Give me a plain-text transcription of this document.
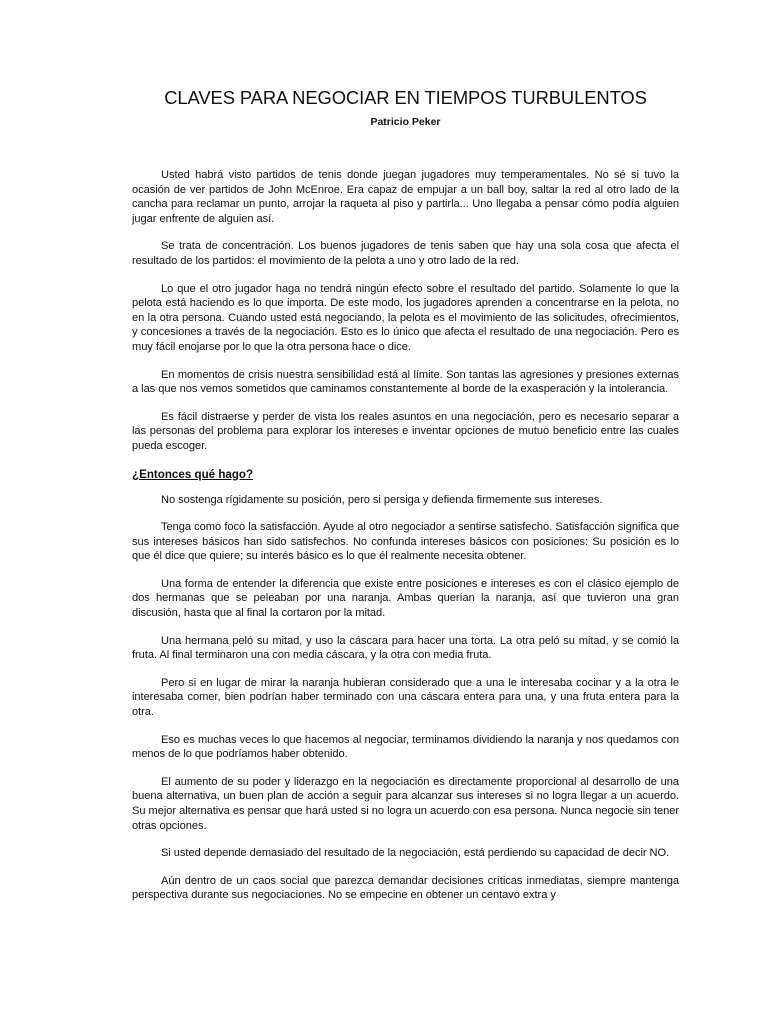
CLAVES PARA NEGOCIAR EN TIEMPOS TURBULENTOS
Patricio Peker

Usted habrá visto partidos de tenis donde juegan jugadores muy temperamentales. No sé si tuvo la ocasión de ver partidos de John McEnroe. Era capaz de empujar a un ball boy, saltar la red al otro lado de la cancha para reclamar un punto, arrojar la raqueta al piso y partirla... Uno llegaba a pensar cómo podía alguien jugar enfrente de alguien así.

Se trata de concentración. Los buenos jugadores de tenis saben que hay una sola cosa que afecta el resultado de los partidos: el movimiento de la pelota a uno y otro lado de la red.

Lo que el otro jugador haga no tendrá ningún efecto sobre el resultado del partido. Solamente lo que la pelota está haciendo es lo que importa. De este modo, los jugadores aprenden a concentrarse en la pelota, no en la otra persona. Cuando usted está negociando, la pelota es el movimiento de las solicitudes, ofrecimientos, y concesiones a través de la negociación. Esto es lo único que afecta el resultado de una negociación. Pero es muy fácil enojarse por lo que la otra persona hace o dice.

En momentos de crisis nuestra sensibilidad está al límite. Son tantas las agresiones y presiones externas a las que nos vemos sometidos que caminamos constantemente al borde de la exasperación y la intolerancia.

Es fácil distraerse y perder de vista los reales asuntos en una negociación, pero es necesario separar a las personas del problema para explorar los intereses e inventar opciones de mutuo beneficio entre las cuales pueda escoger.

¿Entonces qué hago?

No sostenga rígidamente su posición, pero si persiga y defienda firmemente sus intereses.

Tenga como foco la satisfacción. Ayude al otro negociador a sentirse satisfecho. Satisfacción significa que sus intereses básicos han sido satisfechos. No confunda intereses básicos con posiciones: Su posición es lo que él dice que quiere; su interés básico es lo que él realmente necesita obtener.

Una forma de entender la diferencia que existe entre posiciones e intereses es con el clásico ejemplo de dos hermanas que se peleaban por una naranja. Ambas querían la naranja, así que tuvieron una gran discusión, hasta que al final la cortaron por la mitad.

Una hermana peló su mitad, y uso la cáscara para hacer una torta. La otra peló su mitad, y se comió la fruta. Al final terminaron una con media cáscara, y la otra con media fruta.

Pero si en lugar de mirar la naranja hubieran considerado que a una le interesaba cocinar y a la otra le interesaba comer, bien podrían haber terminado con una cáscara entera para una, y una fruta entera para la otra.

Eso es muchas veces lo que hacemos al negociar, terminamos dividiendo la naranja y nos quedamos con menos de lo que podríamos haber obtenido.

El aumento de su poder y liderazgo en la negociación es directamente proporcional al desarrollo de una buena alternativa, un buen plan de acción a seguir para alcanzar sus intereses si no logra llegar a un acuerdo. Su mejor alternativa es pensar que hará usted si no logra un acuerdo con esa persona. Nunca negocie sin tener otras opciones.

Si usted depende demasiado del resultado de la negociación, está perdiendo su capacidad de decir NO.

Aún dentro de un caos social que parezca demandar decisiones críticas inmediatas, siempre mantenga perspectiva durante sus negociaciones. No se empecine en obtener un centavo extra y
